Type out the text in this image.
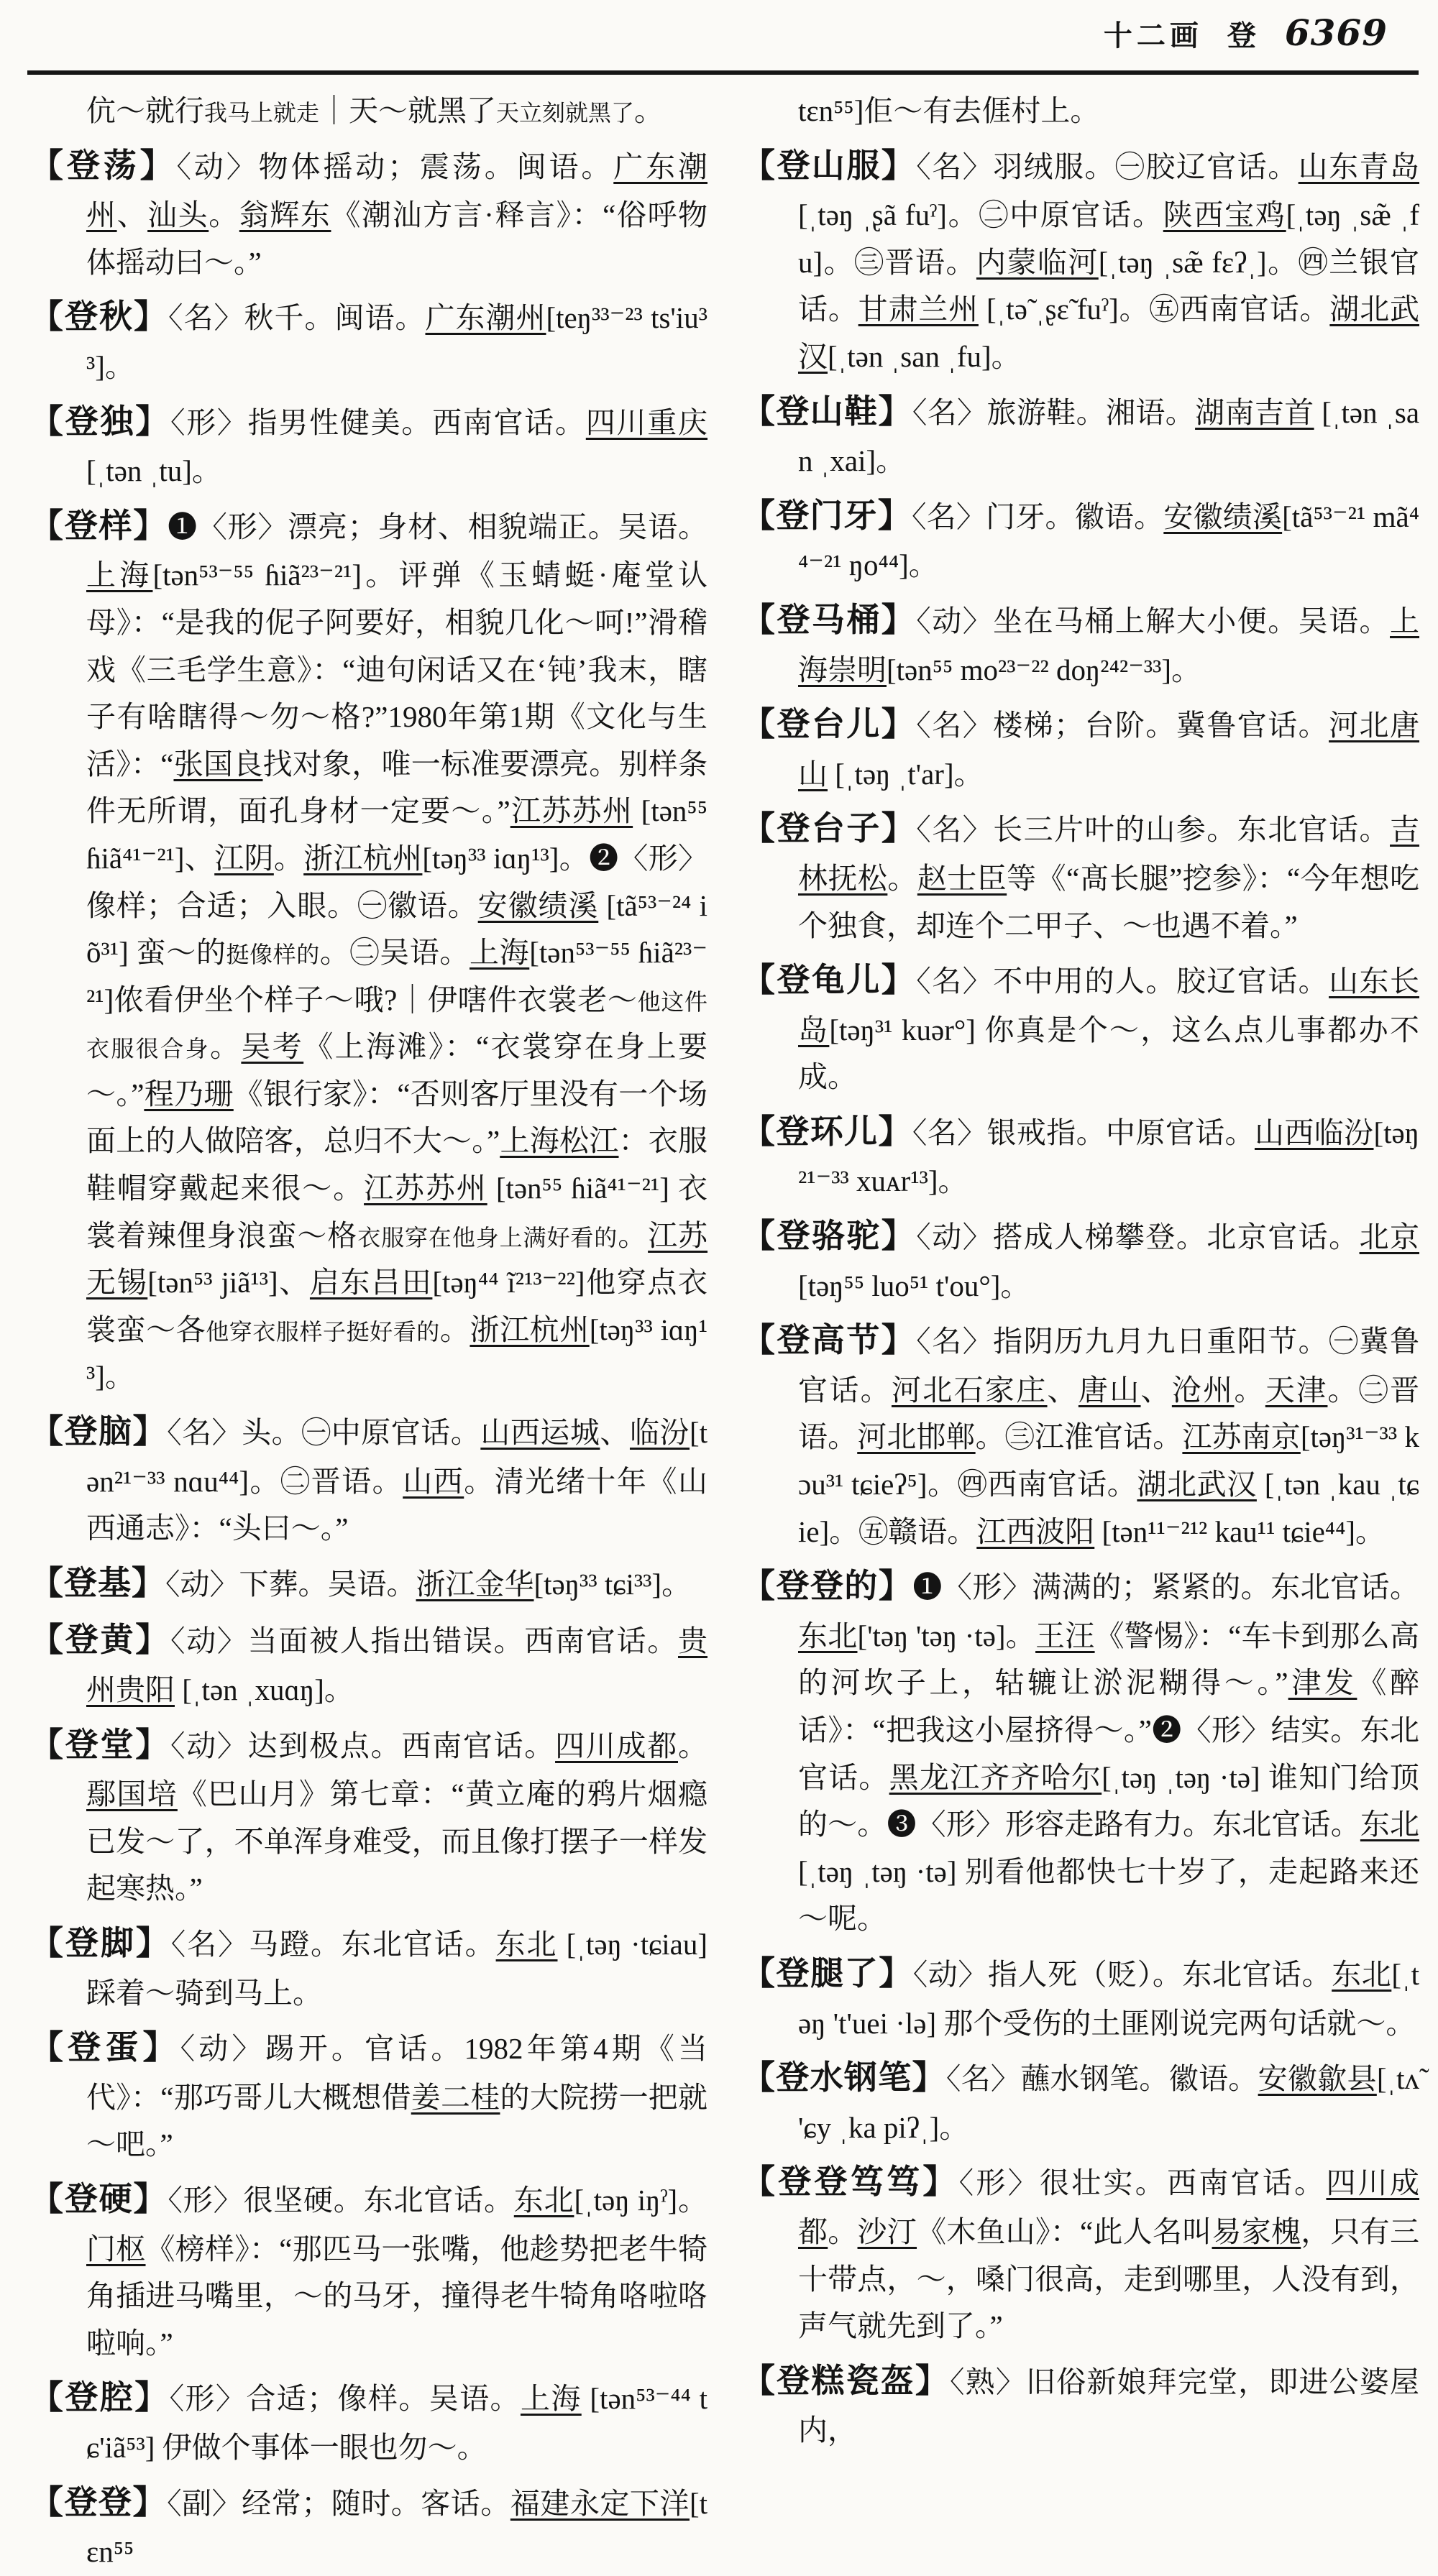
十二画 登 6369

伉～就行我马上就走｜天～就黑了天立刻就黑了。

【登荡】〈动〉物体摇动；震荡。闽语。广东潮州、汕头。翁辉东《潮汕方言·释言》：“俗呼物体摇动曰～。”

【登秋】〈名〉秋千。闽语。广东潮州[teŋ³³⁻²³ ts'iu³³]。

【登独】〈形〉指男性健美。西南官话。四川重庆 [ˌtən ˌtu]。

【登样】❶〈形〉漂亮；身材、相貌端正。吴语。上海[tən⁵³⁻⁵⁵ ɦiã²³⁻²¹]。评弹《玉蜻蜓·庵堂认母》：“是我的伲子阿要好，相貌几化～呵!”滑稽戏《三毛学生意》：“迪句闲话又在‘钝’我末，瞎子有啥瞎得～勿～格?”1980年第1期《文化与生活》：“张国良找对象，唯一标准要漂亮。别样条件无所谓，面孔身材一定要～。”江苏苏州 [tən⁵⁵ ɦiã⁴¹⁻²¹]、江阴。浙江杭州[təŋ³³ iɑŋ¹³]。❷〈形〉像样；合适；入眼。㊀徽语。安徽绩溪 [tã⁵³⁻²⁴ iõ³¹] 蛮～的挺像样的。㊁吴语。上海[tən⁵³⁻⁵⁵ ɦiã²³⁻²¹]侬看伊坐个样子～哦?｜伊嗐件衣裳老～他这件衣服很合身。吴考《上海滩》：“衣裳穿在身上要～。”程乃珊《银行家》：“否则客厅里没有一个场面上的人做陪客，总归不大～。”上海松江：衣服鞋帽穿戴起来很～。江苏苏州 [tən⁵⁵ ɦiã⁴¹⁻²¹] 衣裳着辣俚身浪蛮～格衣服穿在他身上满好看的。江苏无锡[tən⁵³ jiã¹³]、启东吕田[təŋ⁴⁴ ĩ²¹³⁻²²]他穿点衣裳蛮～各他穿衣服样子挺好看的。浙江杭州[təŋ³³ iɑŋ¹³]。

【登脑】〈名〉头。㊀中原官话。山西运城、临汾[tən²¹⁻³³ nɑu⁴⁴]。㊁晋语。山西。清光绪十年《山西通志》：“头曰～。”

【登基】〈动〉下葬。吴语。浙江金华[təŋ³³ tɕi³³]。

【登黄】〈动〉当面被人指出错误。西南官话。贵州贵阳 [ˌtən ˌxuɑŋ]。

【登堂】〈动〉达到极点。西南官话。四川成都。鄢国培《巴山月》第七章：“黄立庵的鸦片烟瘾已发～了，不单浑身难受，而且像打摆子一样发起寒热。”

【登脚】〈名〉马蹬。东北官话。东北 [ˌtəŋ ·tɕiau]踩着～骑到马上。

【登蛋】〈动〉踢开。官话。1982年第4期《当代》：“那巧哥儿大概想借姜二桂的大院捞一把就～吧。”

【登硬】〈形〉很坚硬。东北官话。东北[ˌtəŋ iŋˀ]。门枢《榜样》：“那匹马一张嘴，他趁势把老牛犄角插进马嘴里，～的马牙，撞得老牛犄角咯啦咯啦响。”

【登腔】〈形〉合适；像样。吴语。上海 [tən⁵³⁻⁴⁴ tɕ'iã⁵³] 伊做个事体一眼也勿～。

【登登】〈副〉经常；随时。客话。福建永定下洋[tɛn⁵⁵

tɛn⁵⁵]佢～有去𠊎村上。

【登山服】〈名〉羽绒服。㊀胶辽官话。山东青岛 [ˌtəŋ ˌʂã fuˀ]。㊁中原官话。陕西宝鸡[ˌtəŋ ˌsæ̃ ˌfu]。㊂晋语。内蒙临河[ˌtəŋ ˌsæ̃ fɛʔˌ]。㊃兰银官话。甘肃兰州 [ˌtə̃ ˌʂɛ̃ fuˀ]。㊄西南官话。湖北武汉[ˌtən ˌsan ˌfu]。

【登山鞋】〈名〉旅游鞋。湘语。湖南吉首 [ˌtən ˌsan ˌxai]。

【登门牙】〈名〉门牙。徽语。安徽绩溪[tã⁵³⁻²¹ mã⁴⁴⁻²¹ ŋo⁴⁴]。

【登马桶】〈动〉坐在马桶上解大小便。吴语。上海崇明[tən⁵⁵ mo²³⁻²² doŋ²⁴²⁻³³]。

【登台儿】〈名〉楼梯；台阶。冀鲁官话。河北唐山 [ˌtəŋ ˌt'ar]。

【登台子】〈名〉长三片叶的山参。东北官话。吉林抚松。赵士臣等《“髙长腿”挖参》：“今年想吃个独食，却连个二甲子、～也遇不着。”

【登龟儿】〈名〉不中用的人。胶辽官话。山东长岛[təŋ³¹ kuər°] 你真是个～，这么点儿事都办不成。

【登环儿】〈名〉银戒指。中原官话。山西临汾[təŋ²¹⁻³³ xuᴀr¹³]。

【登骆驼】〈动〉搭成人梯攀登。北京官话。北京 [təŋ⁵⁵ luo⁵¹ t'ou°]。

【登高节】〈名〉指阴历九月九日重阳节。㊀冀鲁官话。河北石家庄、唐山、沧州。天津。㊁晋语。河北邯郸。㊂江淮官话。江苏南京[təŋ³¹⁻³³ kɔu³¹ tɕieʔ⁵]。㊃西南官话。湖北武汉 [ˌtən ˌkau ˌtɕie]。㊄赣语。江西波阳 [tən¹¹⁻²¹² kau¹¹ tɕie⁴⁴]。

【登登的】❶〈形〉满满的；紧紧的。东北官话。东北['təŋ 'təŋ ·tə]。王汪《警惕》：“车卡到那么高的河坎子上，轱辘让淤泥糊得～。”津发《醉话》：“把我这小屋挤得～。”❷〈形〉结实。东北官话。黑龙江齐齐哈尔[ˌtəŋ ˌtəŋ ·tə] 谁知门给顶的～。❸〈形〉形容走路有力。东北官话。东北 [ˌtəŋ ˌtəŋ ·tə] 别看他都快七十岁了，走起路来还～呢。

【登腿了】〈动〉指人死（贬）。东北官话。东北[ˌtəŋ 't'uei ·lə] 那个受伤的土匪刚说完两句话就～。

【登水钢笔】〈名〉蘸水钢笔。徽语。安徽歙县[ˌtʌ̃ 'ɕy ˌka piʔˌ]。

【登登笃笃】〈形〉很壮实。西南官话。四川成都。沙汀《木鱼山》：“此人名叫易家槐，只有三十带点，～，嗓门很高，走到哪里，人没有到，声气就先到了。”

【登糕瓷盔】〈熟〉旧俗新娘拜完堂，即进公婆屋内，
